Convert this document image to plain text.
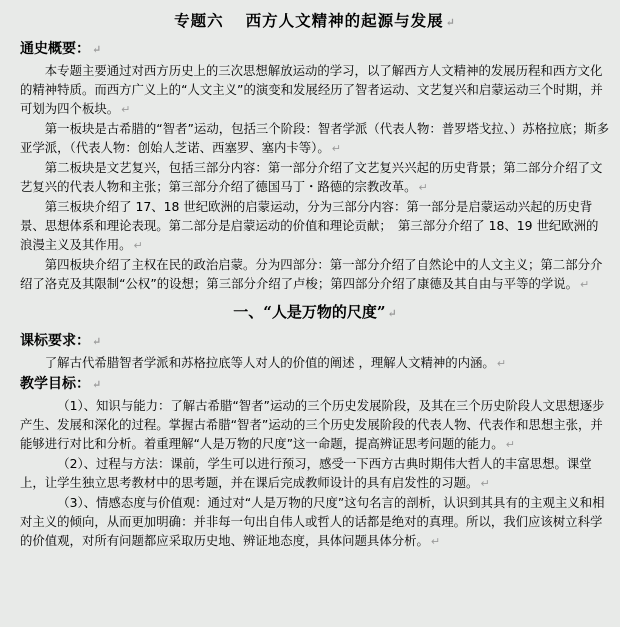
专题六 西方人文精神的起源与发展 ↵
通史概要： ↵

本专题主要通过对西方历史上的三次思想解放运动的学习，以了解西方人文精神的发展历程和西方文化的精神特质。而西方广义上的“人文主义”的演变和发展经历了智者运动、文艺复兴和启蒙运动三个时期，并可划为四个板块。 ↵

第一板块是古希腊的“智者”运动，包括三个阶段：智者学派（代表人物：普罗塔戈拉、）苏格拉底；斯多亚学派，（代表人物：创始人芝诺、西塞罗、塞内卡等）。 ↵

第二板块是文艺复兴，包括三部分内容：第一部分介绍了文艺复兴兴起的历史背景；第二部分介绍了文艺复兴的代表人物和主张；第三部分介绍了德国马丁・路德的宗教改革。 ↵

第三板块介绍了 17、18 世纪欧洲的启蒙运动，分为三部分内容：第一部分是启蒙运动兴起的历史背景、思想体系和理论表现。第二部分是启蒙运动的价值和理论贡献；　第三部分介绍了 18、19 世纪欧洲的浪漫主义及其作用。 ↵

第四板块介绍了主权在民的政治启蒙。分为四部分：第一部分介绍了自然论中的人文主义；第二部分介绍了洛克及其限制“公权”的设想；第三部分介绍了卢梭；第四部分介绍了康德及其自由与平等的学说。 ↵

一、“人是万物的尺度” ↵
课标要求： ↵

了解古代希腊智者学派和苏格拉底等人对人的价值的阐述 ，理解人文精神的内涵。 ↵

教学目标： ↵

（1）、知识与能力：了解古希腊“智者”运动的三个历史发展阶段，及其在三个历史阶段人文思想逐步产生、发展和深化的过程。掌握古希腊“智者”运动的三个历史发展阶段的代表人物、代表作和思想主张，并能够进行对比和分析。着重理解“人是万物的尺度”这一命题，提高辨证思考问题的能力。 ↵

（2）、过程与方法：课前，学生可以进行预习，感受一下西方古典时期伟大哲人的丰富思想。课堂上，让学生独立思考教材中的思考题，并在课后完成教师设计的具有启发性的习题。 ↵

（3）、情感态度与价值观：通过对“人是万物的尺度”这句名言的剖析，认识到其具有的主观主义和相对主义的倾向，从而更加明确：并非每一句出自伟人或哲人的话都是绝对的真理。所以，我们应该树立科学的价值观，对所有问题都应采取历史地、辨证地态度，具体问题具体分析。 ↵
